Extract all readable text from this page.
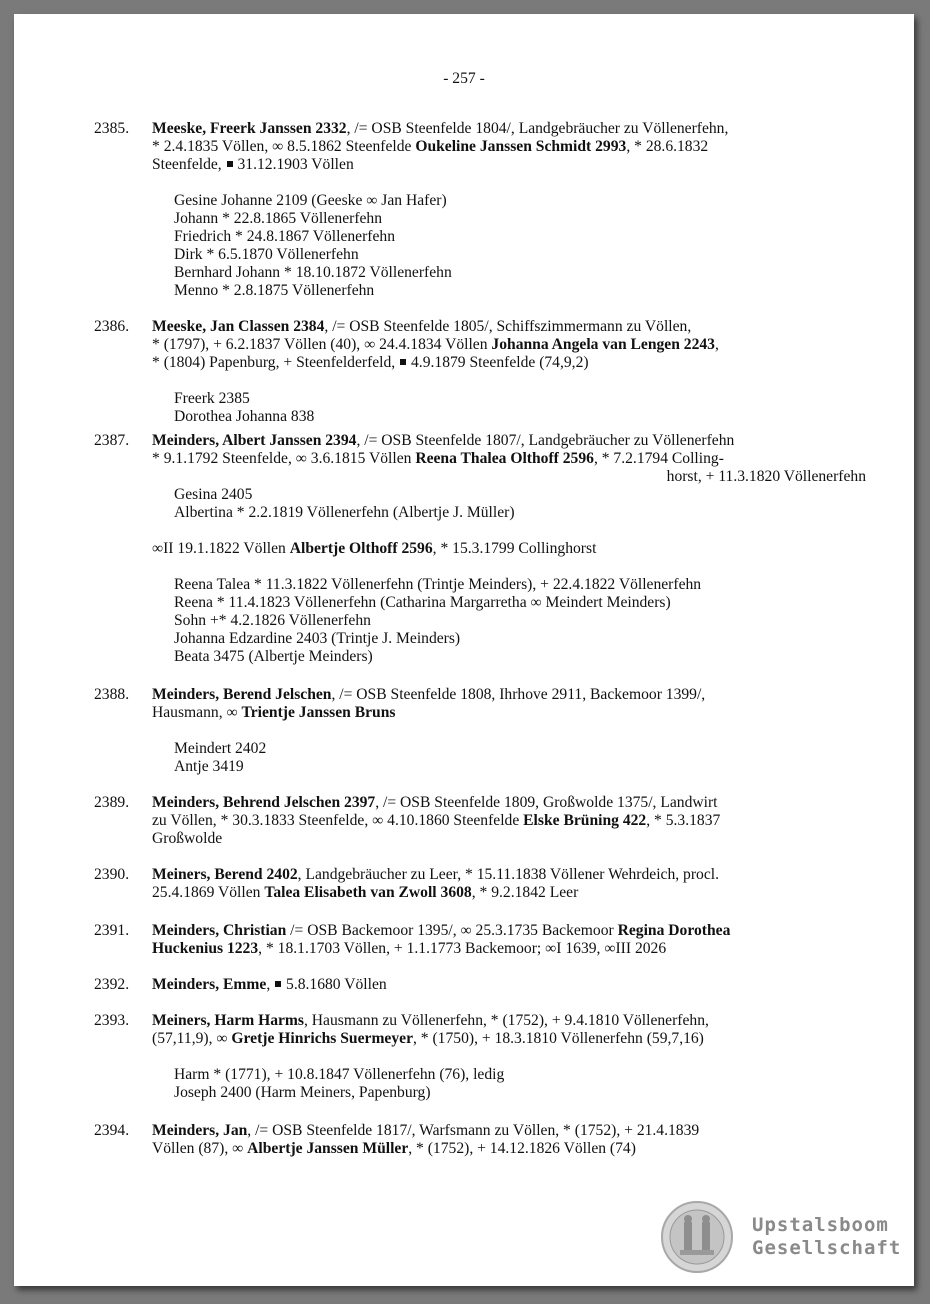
- 257 -
2385. Meeske, Freerk Janssen 2332, /= OSB Steenfelde 1804/, Landgebräucher zu Völlenerfehn,

* 2.4.1835 Völlen, ∞ 8.5.1862 Steenfelde Oukeline Janssen Schmidt 2993, * 28.6.1832

Steenfelde,  31.12.1903 Völlen

Gesine Johanne 2109 (Geeske ∞ Jan Hafer)

Johann * 22.8.1865 Völlenerfehn

Friedrich * 24.8.1867 Völlenerfehn

Dirk * 6.5.1870 Völlenerfehn

Bernhard Johann * 18.10.1872 Völlenerfehn

Menno * 2.8.1875 Völlenerfehn

2386. Meeske, Jan Classen 2384, /= OSB Steenfelde 1805/, Schiffszimmermann zu Völlen,

* (1797), + 6.2.1837 Völlen (40), ∞ 24.4.1834 Völlen Johanna Angela van Lengen 2243,

* (1804) Papenburg, + Steenfelderfeld,  4.9.1879 Steenfelde (74,9,2)

Freerk 2385

Dorothea Johanna 838

2387. Meinders, Albert Janssen 2394, /= OSB Steenfelde 1807/, Landgebräucher zu Völlenerfehn

* 9.1.1792 Steenfelde, ∞ 3.6.1815 Völlen Reena Thalea Olthoff 2596, * 7.2.1794 Colling-

horst, + 11.3.1820 Völlenerfehn

Gesina 2405

Albertina * 2.2.1819 Völlenerfehn (Albertje J. Müller)

∞II 19.1.1822 Völlen Albertje Olthoff 2596, * 15.3.1799 Collinghorst

Reena Talea * 11.3.1822 Völlenerfehn (Trintje Meinders), + 22.4.1822 Völlenerfehn

Reena * 11.4.1823 Völlenerfehn (Catharina Margarretha ∞ Meindert Meinders)

Sohn +* 4.2.1826 Völlenerfehn

Johanna Edzardine 2403 (Trintje J. Meinders)

Beata 3475 (Albertje Meinders)

2388. Meinders, Berend Jelschen, /= OSB Steenfelde 1808, Ihrhove 2911, Backemoor 1399/,

Hausmann, ∞ Trientje Janssen Bruns

Meindert 2402

Antje 3419

2389. Meinders, Behrend Jelschen 2397, /= OSB Steenfelde 1809, Großwolde 1375/, Landwirt

zu Völlen, * 30.3.1833 Steenfelde, ∞ 4.10.1860 Steenfelde Elske Brüning 422, * 5.3.1837

Großwolde

2390. Meiners, Berend 2402, Landgebräucher zu Leer, * 15.11.1838 Völlener Wehrdeich, procl.

25.4.1869 Völlen Talea Elisabeth van Zwoll 3608, * 9.2.1842 Leer

2391. Meinders, Christian /= OSB Backemoor 1395/, ∞ 25.3.1735 Backemoor Regina Dorothea

Huckenius 1223, * 18.1.1703 Völlen, + 1.1.1773 Backemoor; ∞I 1639, ∞III 2026

2392. Meinders, Emme,  5.8.1680 Völlen

2393. Meiners, Harm Harms, Hausmann zu Völlenerfehn, * (1752), + 9.4.1810 Völlenerfehn,

(57,11,9), ∞ Gretje Hinrichs Suermeyer, * (1750), + 18.3.1810 Völlenerfehn (59,7,16)

Harm * (1771), + 10.8.1847 Völlenerfehn (76), ledig

Joseph 2400 (Harm Meiners, Papenburg)

2394. Meinders, Jan, /= OSB Steenfelde 1817/, Warfsmann zu Völlen, * (1752), + 21.4.1839

Völlen (87), ∞ Albertje Janssen Müller, * (1752), + 14.12.1826 Völlen (74)

Upstalsboom
Gesellschaft
